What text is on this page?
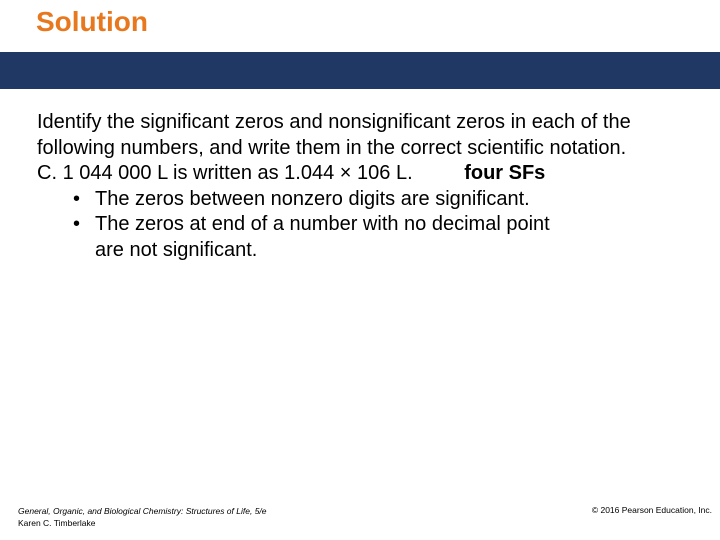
Solution
Identify the significant zeros and nonsignificant zeros in each of the following numbers, and write them in the correct scientific notation.
C. 1 044 000 L is written as 1.044 × 106 L.	four SFs
• The zeros between nonzero digits are significant.
• The zeros at end of a number with no decimal point
are not significant.
General, Organic, and Biological Chemistry: Structures of Life, 5/e
Karen C. Timberlake
© 2016 Pearson Education, Inc.
